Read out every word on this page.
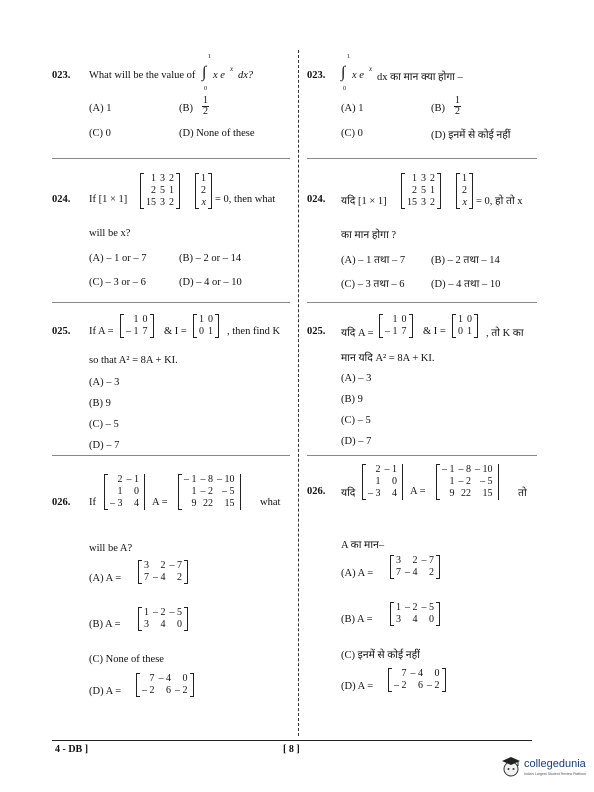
023. What will be the value of ∫
1
0
x e
x
dx?
(A) 1	$(B) \frac{1}{2}$
(C) 0	(D) None of these
024. If [1 × 1]
1	3	2
2	5	1
15	3	2
1
2
x = 0, then what
will be x?
(A) – 1 or – 7	(B) – 2 or – 14
(C) – 3 or – 6	(D) – 4 or – 10
025. If A =
1	0
– 1	7 & I =
1	0
0	1 , then find K
so that A² = 8A + KI.
(A) – 3
(B) 9
(C) – 5
(D) – 7
026. If
2	– 1
1	0
– 3	4 A =
– 1	– 8	– 10
1	– 2	– 5
9	22	15 what
will be A?
(A) A =
3	2	– 7
7	– 4	2
(B) A =
1	– 2	– 5
3	4	0
(C) None of these
(D) A =
7	– 4	0
– 2	6	– 2
023. ∫
1
0
x e
x
dx का मान क्या होगा –
(A) 1	$(B) \frac{1}{2}$
(C) 0	(D) इनमें से कोई नहीं
024. यदि [1 × 1]
1	3	2
2	5	1
15	3	2
1
2
x = 0, हो तो x
का मान होगा ?
(A) – 1 तथा – 7 (B) – 2 तथा – 14
(C) – 3 तथा – 6	(D) – 4 तथा – 10
025. यदि A =
1	0
– 1	7 & I =
1	0
0	1 , तो K का
मान यदि A² = 8A + KI.
(A) – 3
(B) 9
(C) – 5
(D) – 7
026. यदि
2	– 1
1	0
– 3	4 A =
– 1	– 8	– 10
1	– 2	– 5
9	22	15 तो
A का मान–
(A) A =
3	2	– 7
7	– 4	2
(B) A =
1	– 2	– 5
3	4	0
(C) इनमें से कोई नहीं
(D) A =
7	– 4	0
– 2	6	– 2
4 - DB ]	[ 8 ]
collegedunia
India's Largest Student Review Platform
